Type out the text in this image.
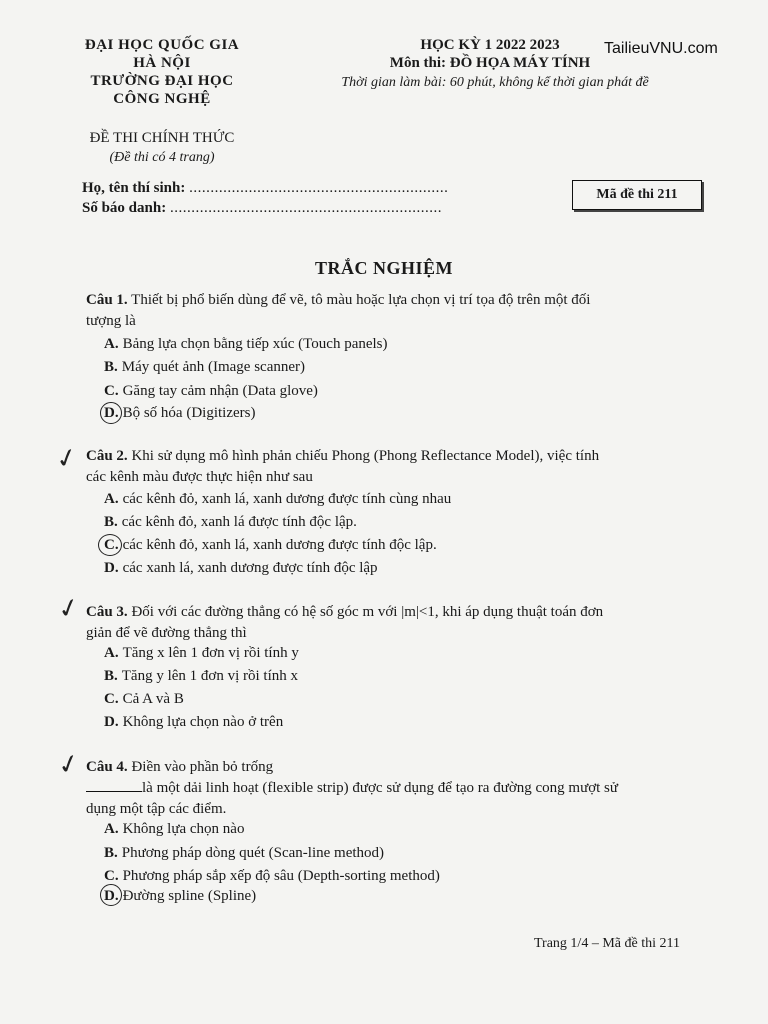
ĐẠI HỌC QUỐC GIA
HÀ NỘI
TRƯỜNG ĐẠI HỌC
CÔNG NGHỆ
ĐỀ THI CHÍNH THỨC
(Đề thi có 4 trang)
HỌC KỲ 1 2022 2023
Môn thi: ĐỒ HỌA MÁY TÍNH
Thời gian làm bài: 60 phút, không kể thời gian phát đề
TailieuVNU.com
Họ, tên thí sinh: .............................................................
Số báo danh: ................................................................
Mã đề thi 211
TRẮC NGHIỆM
Câu 1. Thiết bị phổ biến dùng để vẽ, tô màu hoặc lựa chọn vị trí tọa độ trên một đối
tượng là
A. Bảng lựa chọn bằng tiếp xúc (Touch panels)
B. Máy quét ảnh (Image scanner)
C. Găng tay cảm nhận (Data glove)
D. Bộ số hóa (Digitizers)
✓ Câu 2. Khi sử dụng mô hình phản chiếu Phong (Phong Reflectance Model), việc tính
các kênh màu được thực hiện như sau
A. các kênh đỏ, xanh lá, xanh dương được tính cùng nhau
B. các kênh đỏ, xanh lá được tính độc lập.
C. các kênh đỏ, xanh lá, xanh dương được tính độc lập.
D. các xanh lá, xanh dương được tính độc lập
✓ Câu 3. Đối với các đường thẳng có hệ số góc m với |m|<1, khi áp dụng thuật toán đơn
giản để vẽ đường thẳng thì
A. Tăng x lên 1 đơn vị rồi tính y
B. Tăng y lên 1 đơn vị rồi tính x
C. Cả A và B
D. Không lựa chọn nào ở trên
✓ Câu 4. Điền vào phần bỏ trống
là một dải linh hoạt (flexible strip) được sử dụng để tạo ra đường cong mượt sử
dụng một tập các điểm.
A. Không lựa chọn nào
B. Phương pháp dòng quét (Scan-line method)
C. Phương pháp sắp xếp độ sâu (Depth-sorting method)
D. Đường spline (Spline)
Trang 1/4 – Mã đề thi 211
